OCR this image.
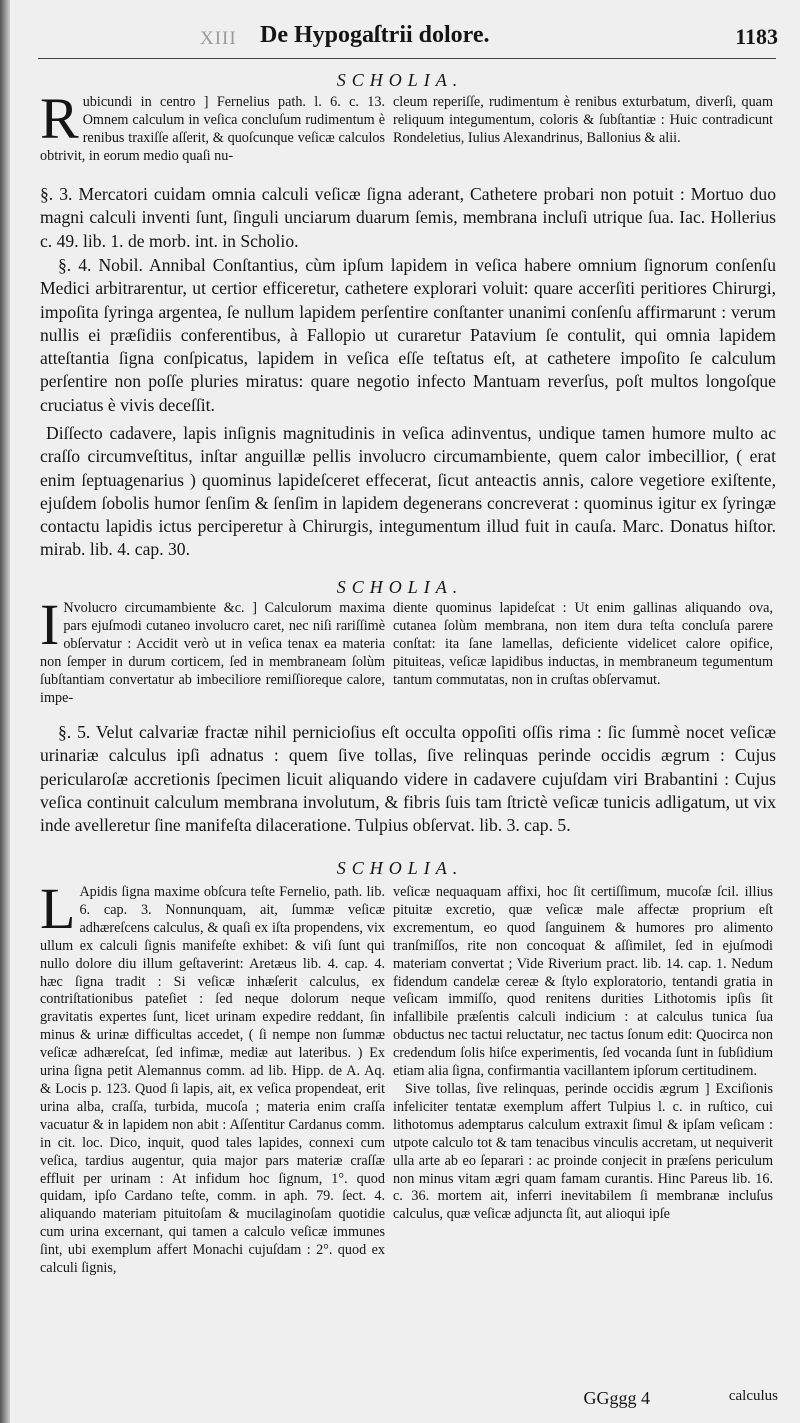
XIII De Hypogaſtrii dolore.	1183
SCHOLIA.
R ubicundi in centro ] Fernelius path. l. 6. c. 13. Omnem calculum in veſica concluſum rudimentum è renibus traxiſſe aſſerit, & quoſcunque veſicæ calculos obtrivit, in eorum medio quaſi nu-
cleum reperiſſe, rudimentum è renibus exturbatum, diverſi, quam reliquum integumentum, coloris & ſubſtantiæ : Huic contradicunt Rondeletius, Iulius Alexandrinus, Ballonius & alii.

§. 3. Mercatori cuidam omnia calculi veſicæ ſigna aderant, Cathetere probari non potuit : Mortuo duo magni calculi inventi ſunt, ſinguli unciarum duarum ſemis, membrana incluſi utrique ſua. Iac. Hollerius c. 49. lib. 1. de morb. int. in Scholio.

§. 4. Nobil. Annibal Conſtantius, cùm ipſum lapidem in veſica habere omnium ſignorum conſenſu Medici arbitrarentur, ut certior efficeretur, cathetere explorari voluit: quare accerſiti peritiores Chirurgi, impoſita ſyringa argentea, ſe nullum lapidem perſentire conſtanter unanimi conſenſu affirmarunt : verum nullis ei præſidiis conferentibus, à Fallopio ut curaretur Patavium ſe contulit, qui omnia lapidem atteſtantia ſigna conſpicatus, lapidem in veſica eſſe teſtatus eſt, at cathetere impoſito ſe calculum perſentire non poſſe pluries miratus: quare negotio infecto Mantuam reverſus, poſt multos longoſque cruciatus è vivis deceſſit.

Diſſecto cadavere, lapis inſignis magnitudinis in veſica adinventus, undique tamen humore multo ac craſſo circumveſtitus, inſtar anguillæ pellis involucro circumambiente, quem calor imbecillior, ( erat enim ſeptuagenarius ) quominus lapideſceret effecerat, ſicut anteactis annis, calore vegetiore exiſtente, ejuſdem ſobolis humor ſenſim & ſenſim in lapidem degenerans concreverat : quominus igitur ex ſyringæ contactu lapidis ictus perciperetur à Chirurgis, integumentum illud fuit in cauſa. Marc. Donatus hiſtor. mirab. lib. 4. cap. 30.

SCHOLIA.
I Nvolucro circumambiente &c. ] Calculorum maxima pars ejuſmodi cutaneo involucro caret, nec niſi rariſſimè obſervatur : Accidit verò ut in veſica tenax ea materia non ſemper in durum corticem, ſed in membraneam ſolùm ſubſtantiam convertatur ab imbeciliore remiſſioreque calore, impe-
diente quominus lapideſcat : Ut enim gallinas aliquando ova, cutanea ſolùm membrana, non item dura teſta concluſa parere conſtat: ita ſane lamellas, deficiente videlicet calore opifice, pituiteas, veſicæ lapidibus inductas, in membraneum tegumentum tantum commutatas, non in cruſtas obſervamut.

§. 5. Velut calvariæ fractæ nihil pernicioſius eſt occulta oppoſiti oſſis rima : ſic ſummè nocet veſicæ urinariæ calculus ipſi adnatus : quem ſive tollas, ſive relinquas perinde occidis ægrum : Cujus pericularoſæ accretionis ſpecimen licuit aliquando videre in cadavere cujuſdam viri Brabantini : Cujus veſica continuit calculum membrana involutum, & fibris ſuis tam ſtrictè veſicæ tunicis adligatum, ut vix inde avelleretur ſine manifeſta dilaceratione. Tulpius obſervat. lib. 3. cap. 5.

SCHOLIA.
L Apidis ſigna maxime obſcura teſte Fernelio, path. lib. 6. cap. 3. Nonnunquam, ait, ſummæ veſicæ adhæreſcens calculus, & quaſi ex iſta propendens, vix ullum ex calculi ſignis manifeſte exhibet: & viſi ſunt qui nullo dolore diu illum geſtaverint: Aretæus lib. 4. cap. 4. hæc ſigna tradit : Si veſicæ inhæſerit calculus, ex contriſtationibus pateſiet : ſed neque dolorum neque gravitatis expertes ſunt, licet urinam expedire reddant, ſin minus & urinæ difficultas accedet, ( ſi nempe non ſummæ veſicæ adhæreſcat, ſed infimæ, mediæ aut lateribus. ) Ex urina ſigna petit Alemannus comm. ad lib. Hipp. de A. Aq. & Locis p. 123. Quod ſi lapis, ait, ex veſica propendeat, erit urina alba, craſſa, turbida, mucoſa ; materia enim craſſa vacuatur & in lapidem non abit : Aſſentitur Cardanus comm. in cit. loc. Dico, inquit, quod tales lapides, connexi cum veſica, tardius augentur, quia major pars materiæ craſſæ effluit per urinam : At infidum hoc ſignum, 1°. quod quidam, ipſo Cardano teſte, comm. in aph. 79. ſect. 4. aliquando materiam pituitoſam & mucilaginoſam quotidie cum urina excernant, qui tamen a calculo veſicæ immunes ſint, ubi exemplum affert Monachi cujuſdam : 2°. quod ex calculi ſignis,

veſicæ nequaquam affixi, hoc ſit certiſſimum, mucoſæ ſcil. illius pituitæ excretio, quæ veſicæ male affectæ proprium eſt excrementum, eo quod ſanguinem & humores pro alimento tranſmiſſos, rite non concoquat & aſſimilet, ſed in ejuſmodi materiam convertat ; Vide Riverium pract. lib. 14. cap. 1. Nedum fidendum candelæ cereæ & ſtylo exploratorio, tentandi gratia in veſicam immiſſo, quod renitens durities Lithotomis ipſis ſit infallibile præſentis calculi indicium : at calculus tunica ſua obductus nec tactui reluctatur, nec tactus ſonum edit: Quocirca non credendum ſolis hiſce experimentis, ſed vocanda ſunt in ſubſidium etiam alia ſigna, confirmantia vacillantem ipſorum certitudinem.

Sive tollas, ſive relinquas, perinde occidis ægrum ] Exciſionis infeliciter tentatæ exemplum affert Tulpius l. c. in ruſtico, cui lithotomus ademptarus calculum extraxit ſimul & ipſam veſicam : utpote calculo tot & tam tenacibus vinculis accretam, ut nequiverit ulla arte ab eo ſeparari : ac proinde conjecit in præſens periculum non minus vitam ægri quam famam curantis. Hinc Pareus lib. 16. c. 36. mortem ait, inferri inevitabilem ſi membranæ incluſus calculus, quæ veſicæ adjuncta ſit, aut alioqui ipſe

GGggg 4	calculus
